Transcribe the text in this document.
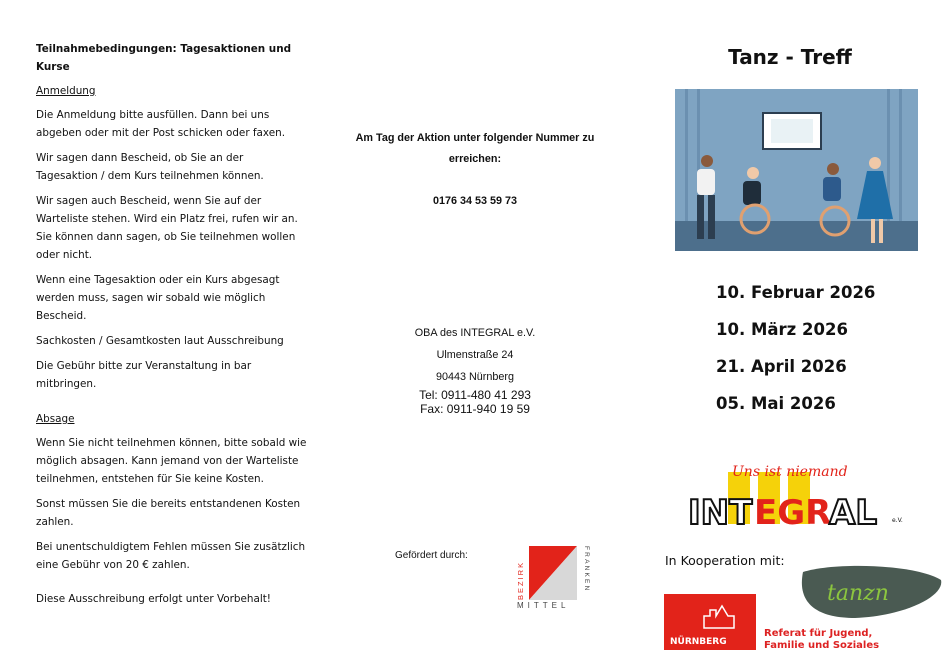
Teilnahmebedingungen: Tagesaktionen und Kurse
Anmeldung

Die Anmeldung bitte ausfüllen. Dann bei uns abgeben oder mit der Post schicken oder faxen.

Wir sagen dann Bescheid, ob Sie an der Tagesaktion / dem Kurs teilnehmen können.

Wir sagen auch Bescheid, wenn Sie auf der Warteliste stehen. Wird ein Platz frei, rufen wir an. Sie können dann sagen, ob Sie teilnehmen wollen oder nicht.

Wenn eine Tagesaktion oder ein Kurs abgesagt werden muss, sagen wir sobald wie möglich Bescheid.

Sachkosten / Gesamtkosten laut Ausschreibung

Die Gebühr bitte zur Veranstaltung in bar mitbringen.

Absage

Wenn Sie nicht teilnehmen können, bitte sobald wie möglich absagen. Kann jemand von der Warteliste teilnehmen, entstehen für Sie keine Kosten.

Sonst müssen Sie die bereits entstandenen Kosten zahlen.

Bei unentschuldigtem Fehlen müssen Sie zusätzlich eine Gebühr von 20 € zahlen.

Diese Ausschreibung erfolgt unter Vorbehalt!
Am Tag der Aktion unter folgender Nummer zu
erreichen:
0176 34 53 59 73
OBA des INTEGRAL e.V.
Ulmenstraße 24
90443 Nürnberg
Tel: 0911-480 41 293
Fax: 0911-940 19 59
Gefördert durch:
BEZIRK
MITTEL
FRANKEN
Tanz - Treff
10. Februar 2026
10. März 2026
21. April 2026
05. Mai 2026
Uns ist niemand
INT EGR
AL	e.V.
In Kooperation mit:
tanzn
NÜRNBERG
Referat für Jugend,
Familie und Soziales
